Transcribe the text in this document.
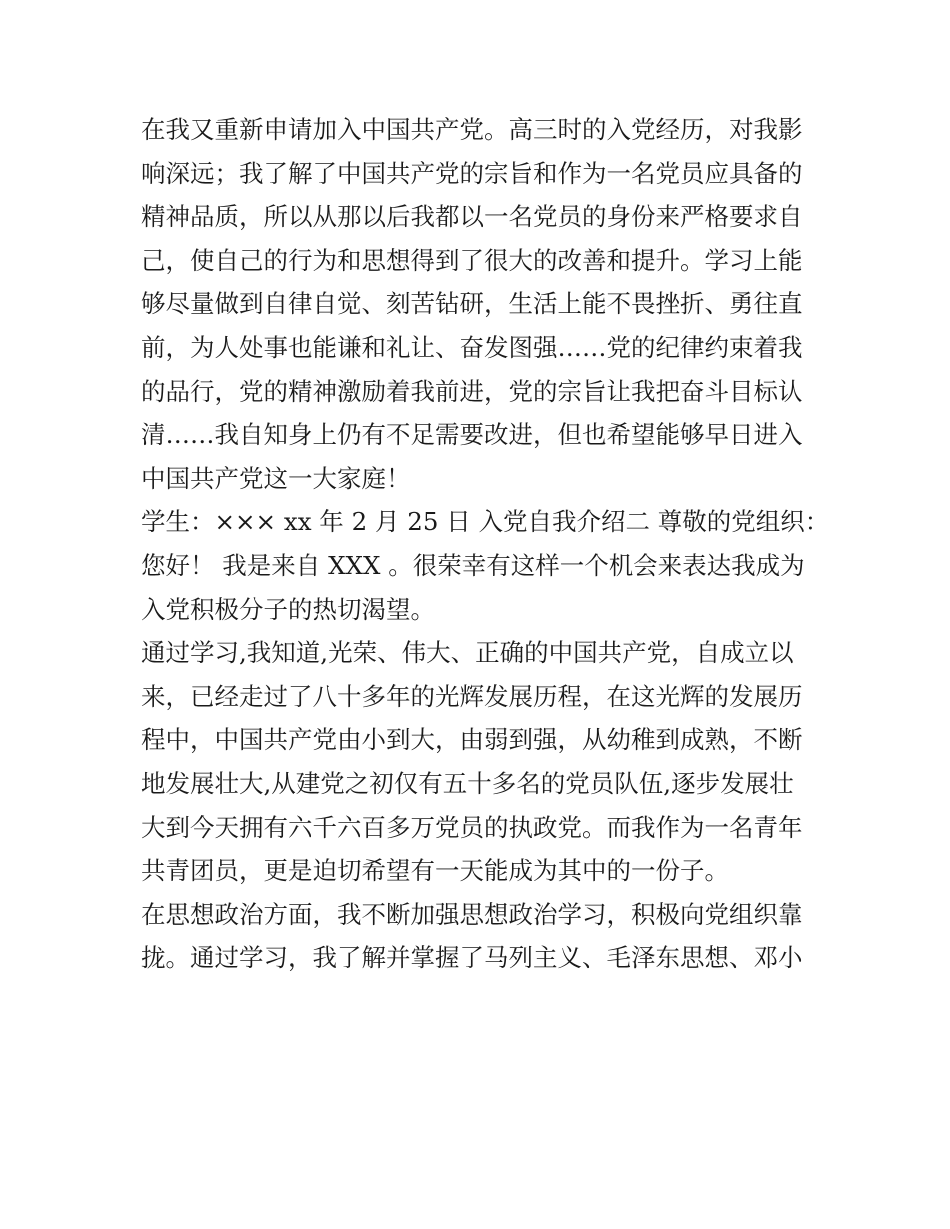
在我又重新申请加入中国共产党。高三时的入党经历，对我影
响深远；我了解了中国共产党的宗旨和作为一名党员应具备的
精神品质，所以从那以后我都以一名党员的身份来严格要求自
己，使自己的行为和思想得到了很大的改善和提升。学习上能
够尽量做到自律自觉、刻苦钻研，生活上能不畏挫折、勇往直
前，为人处事也能谦和礼让、奋发图强……党的纪律约束着我
的品行，党的精神激励着我前进，党的宗旨让我把奋斗目标认
清……我自知身上仍有不足需要改进，但也希望能够早日进入
中国共产党这一大家庭！

学生：××× xx 年 2 月 25 日 入党自我介绍二 尊敬的党组织：
您好！ 我是来自 XXX 。很荣幸有这样一个机会来表达我成为
入党积极分子的热切渴望。

通过学习,我知道,光荣、伟大、正确的中国共产党，自成立以
来，已经走过了八十多年的光辉发展历程，在这光辉的发展历
程中，中国共产党由小到大，由弱到强，从幼稚到成熟，不断
地发展壮大,从建党之初仅有五十多名的党员队伍,逐步发展壮
大到今天拥有六千六百多万党员的执政党。而我作为一名青年
共青团员，更是迫切希望有一天能成为其中的一份子。

在思想政治方面，我不断加强思想政治学习，积极向党组织靠
拢。通过学习，我了解并掌握了马列主义、毛泽东思想、邓小
